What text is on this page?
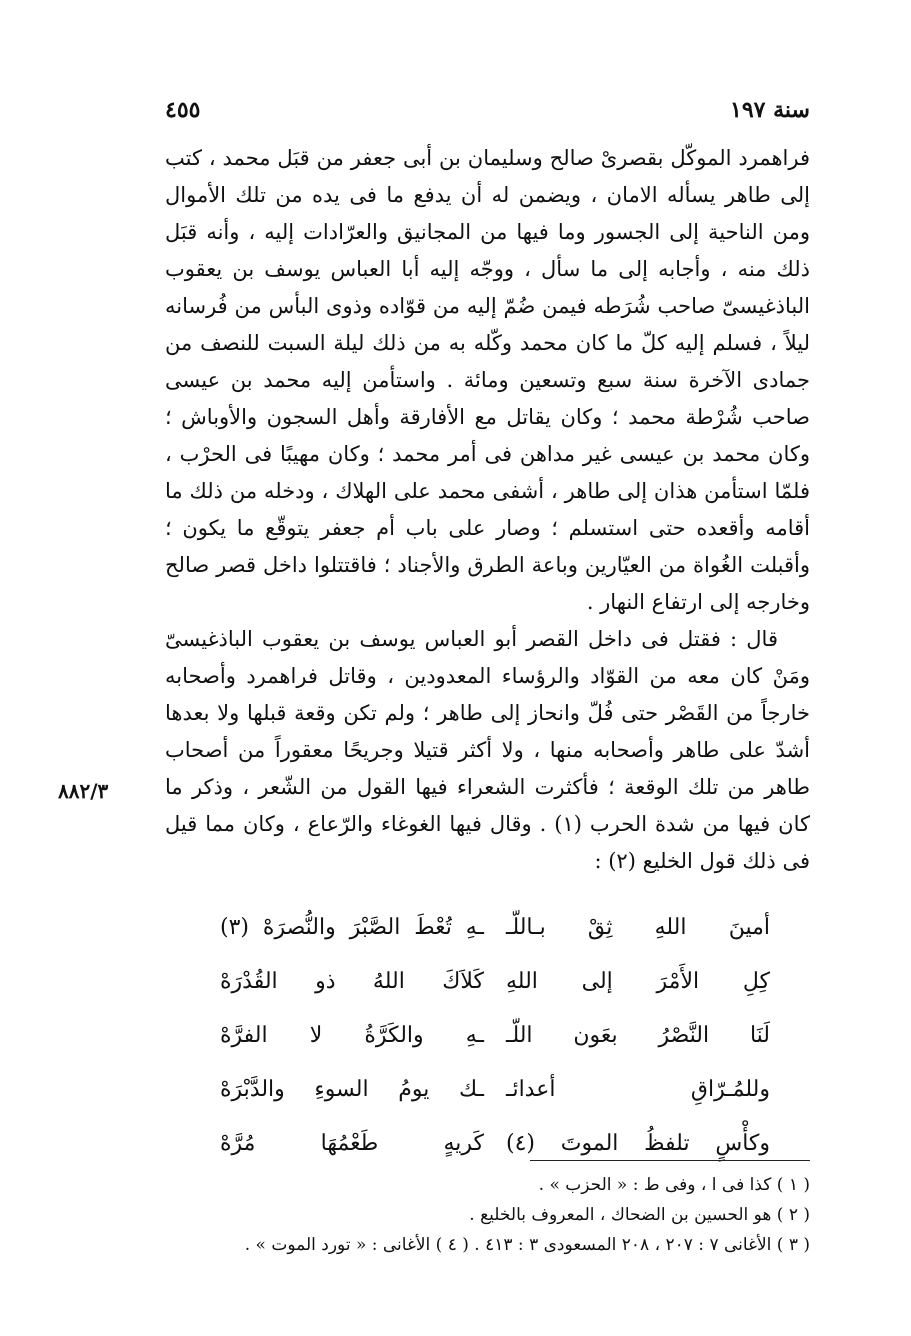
سنة ١٩٧
٤٥٥

فراهمرد الموكّل بقصرىْ صالح وسليمان بن أبى جعفر من قبَل محمد ، كتب إلى طاهر يسأله الامان ، ويضمن له أن يدفع ما فى يده من تلك الأموال ومن الناحية إلى الجسور وما فيها من المجانيق والعرّادات إليه ، وأنه قبَل ذلك منه ، وأجابه إلى ما سأل ، ووجّه إليه أبا العباس يوسف بن يعقوب الباذغيسىّ صاحب شُرَطه فيمن ضُمّ إليه من قوّاده وذوى البأس من فُرسانه ليلاً ، فسلم إليه كلّ ما كان محمد وكّله به من ذلك ليلة السبت للنصف من جمادى الآخرة سنة سبع وتسعين ومائة . واستأمن إليه محمد بن عيسى صاحب شُرْطة محمد ؛ وكان يقاتل مع الأفارقة وأهل السجون والأوباش ؛ وكان محمد بن عيسى غير مداهن فى أمر محمد ؛ وكان مهيبًا فى الحرْب ، فلمّا استأمن هذان إلى طاهر ، أشفى محمد على الهلاك ، ودخله من ذلك ما أقامه وأقعده حتى استسلم ؛ وصار على باب أم جعفر يتوقّع ما يكون ؛ وأقبلت الغُواة من العيّارين وباعة الطرق والأجناد ؛ فاقتتلوا داخل قصر صالح وخارجه إلى ارتفاع النهار .

قال : فقتل فى داخل القصر أبو العباس يوسف بن يعقوب الباذغيسىّ ومَنْ كان معه من القوّاد والرؤساء المعدودين ، وقاتل فراهمرد وأصحابه خارجاً من القَصْر حتى فُلّ وانحاز إلى طاهر ؛ ولم تكن وقعة قبلها ولا بعدها أشدّ على طاهر وأصحابه منها ، ولا أكثر قتيلا وجريحًا معقوراً من أصحاب طاهر من تلك الوقعة ؛ فأكثرت الشعراء فيها القول من الشّعر ، وذكر ما كان فيها من شدة الحرب (١) . وقال فيها الغوغاء والرّعاع ، وكان مما قيل فى ذلك قول الخليع (٢) :

٨٨٢/٣
أمينَ اللهِ ثِقْ بـاللّـ
ـهِ تُعْطَ الصَّبْرَ والنُّصرَهْ (٣)
كِلِ الأَمْرَ إلى اللهِ
كَلاَكَ اللهُ ذو القُدْرَهْ
لَنَا النَّصْرُ بعَون اللّـ
ـهِ والكَرَّةُ لا الفرَّهْ
وللمُـرّاقِ أعدائـ
ـك يومُ السوءِ والدَّبْرَهْ
وكأْسٍ تلفظُ الموتَ (٤)
كَريهٍ طَعْمُهَا مُرَّهْ

( ١ ) كذا فى ا ، وفى ط : « الحزب » .

( ٢ ) هو الحسين بن الضحاك ، المعروف بالخليع .

( ٣ ) الأغانى ٧ : ٢٠٧ ، ٢٠٨ المسعودى ٣ : ٤١٣ . ( ٤ ) الأغانى : « تورد الموت » .
